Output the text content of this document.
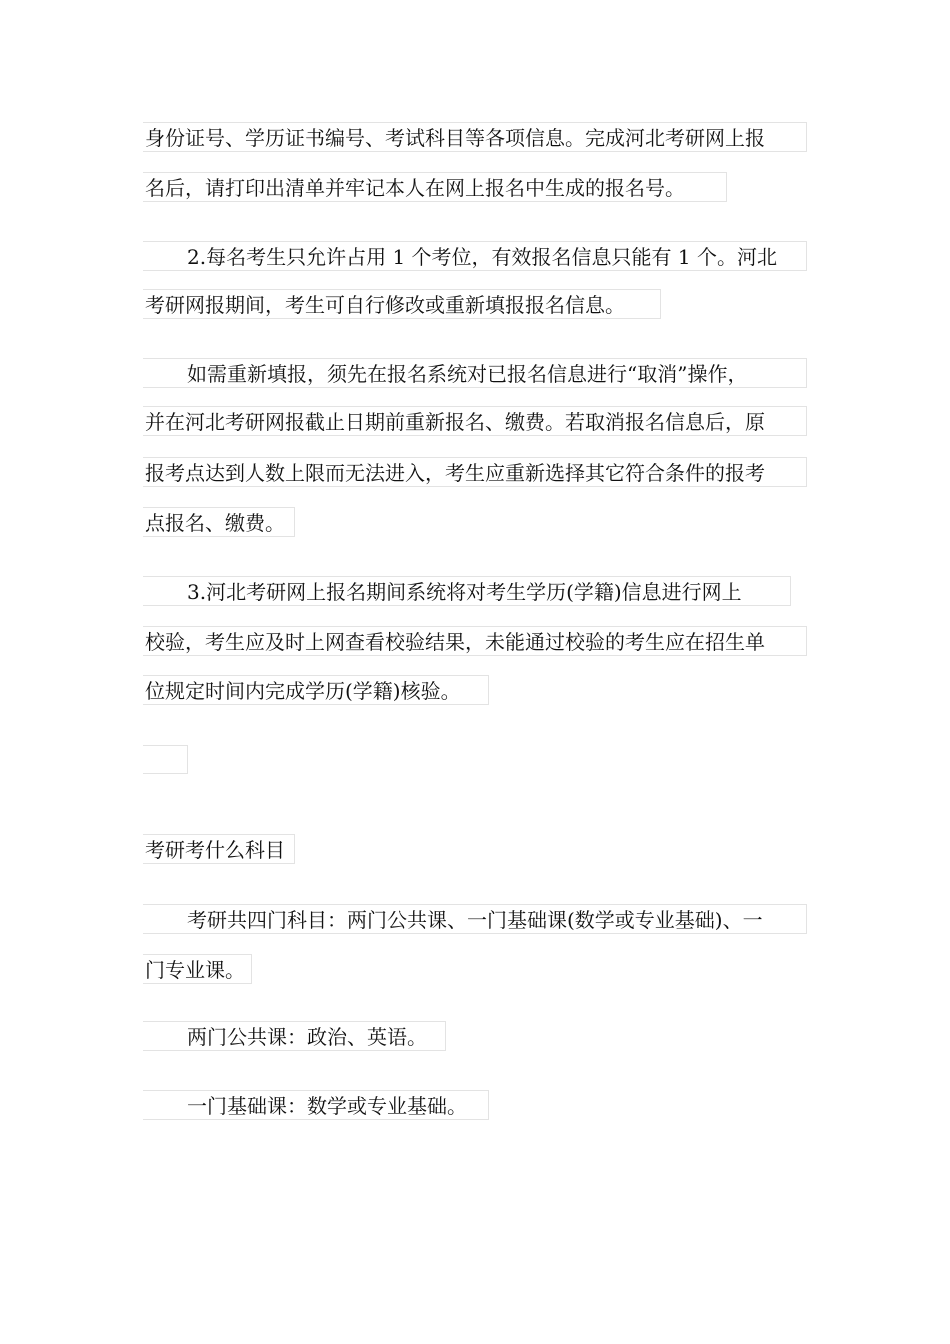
身份证号、学历证书编号、考试科目等各项信息。完成河北考研网上报
名后，请打印出清单并牢记本人在网上报名中生成的报名号。
2.每名考生只允许占用 1 个考位，有效报名信息只能有 1 个。河北
考研网报期间，考生可自行修改或重新填报报名信息。
如需重新填报，须先在报名系统对已报名信息进行“取消”操作，
并在河北考研网报截止日期前重新报名、缴费。若取消报名信息后，原
报考点达到人数上限而无法进入，考生应重新选择其它符合条件的报考
点报名、缴费。
3.河北考研网上报名期间系统将对考生学历(学籍)信息进行网上
校验，考生应及时上网查看校验结果，未能通过校验的考生应在招生单
位规定时间内完成学历(学籍)核验。
考研考什么科目
考研共四门科目：两门公共课、一门基础课(数学或专业基础)、一
门专业课。
两门公共课：政治、英语。
一门基础课：数学或专业基础。
